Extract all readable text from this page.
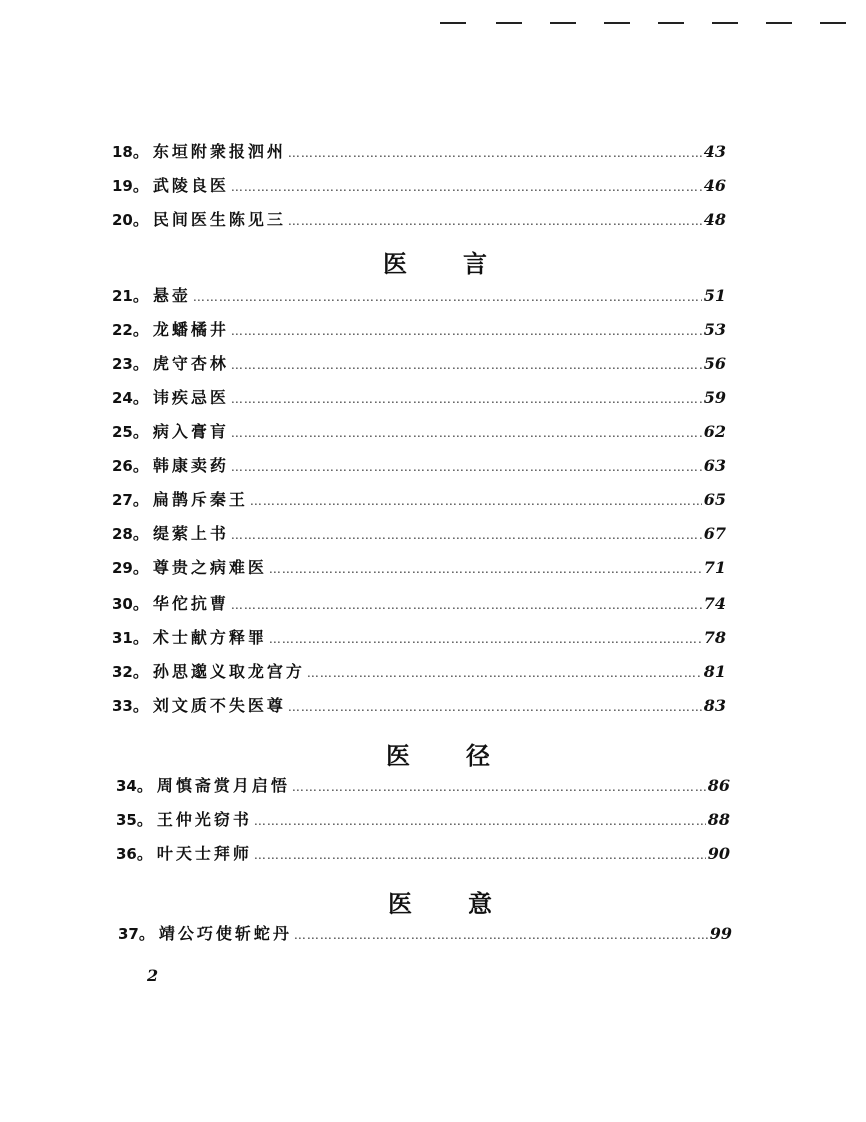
18 。 东垣附衆报泗州 ………………………………………………………………………………………………………………………………………………………………………………	43
19 。 武陵良医 ………………………………………………………………………………………………………………………………………………………………………………	46
20 。 民间医生陈见三 ………………………………………………………………………………………………………………………………………………………………………………	48
医 言
21 。 悬壶 ………………………………………………………………………………………………………………………………………………………………………………	51
22 。 龙蟠橘井 ………………………………………………………………………………………………………………………………………………………………………………	53
23 。 虎守杏林 ………………………………………………………………………………………………………………………………………………………………………………	56
24 。 讳疾忌医 ………………………………………………………………………………………………………………………………………………………………………………	59
25 。 病入膏肓 ………………………………………………………………………………………………………………………………………………………………………………	62
26 。 韩康卖药 ………………………………………………………………………………………………………………………………………………………………………………	63
27 。 扁鹊斥秦王 ………………………………………………………………………………………………………………………………………………………………………………	65
28 。 缇萦上书 ………………………………………………………………………………………………………………………………………………………………………………	67
29 。 尊贵之病难医 ………………………………………………………………………………………………………………………………………………………………………………	71
30 。 华佗抗曹 ………………………………………………………………………………………………………………………………………………………………………………	74
31 。 术士献方释罪 ………………………………………………………………………………………………………………………………………………………………………………	78
32 。 孙思邈义取龙宫方 ………………………………………………………………………………………………………………………………………………………………………………	81
33 。 刘文质不失医尊 ………………………………………………………………………………………………………………………………………………………………………………	83
医 径
34 。 周慎斋赏月启悟 ………………………………………………………………………………………………………………………………………………………………………………	86
35 。 王仲光窃书 ………………………………………………………………………………………………………………………………………………………………………………	88
36 。 叶天士拜师 ………………………………………………………………………………………………………………………………………………………………………………	90
医 意
37 。 靖公巧使斩蛇丹 ………………………………………………………………………………………………………………………………………………………………………………	99
2
